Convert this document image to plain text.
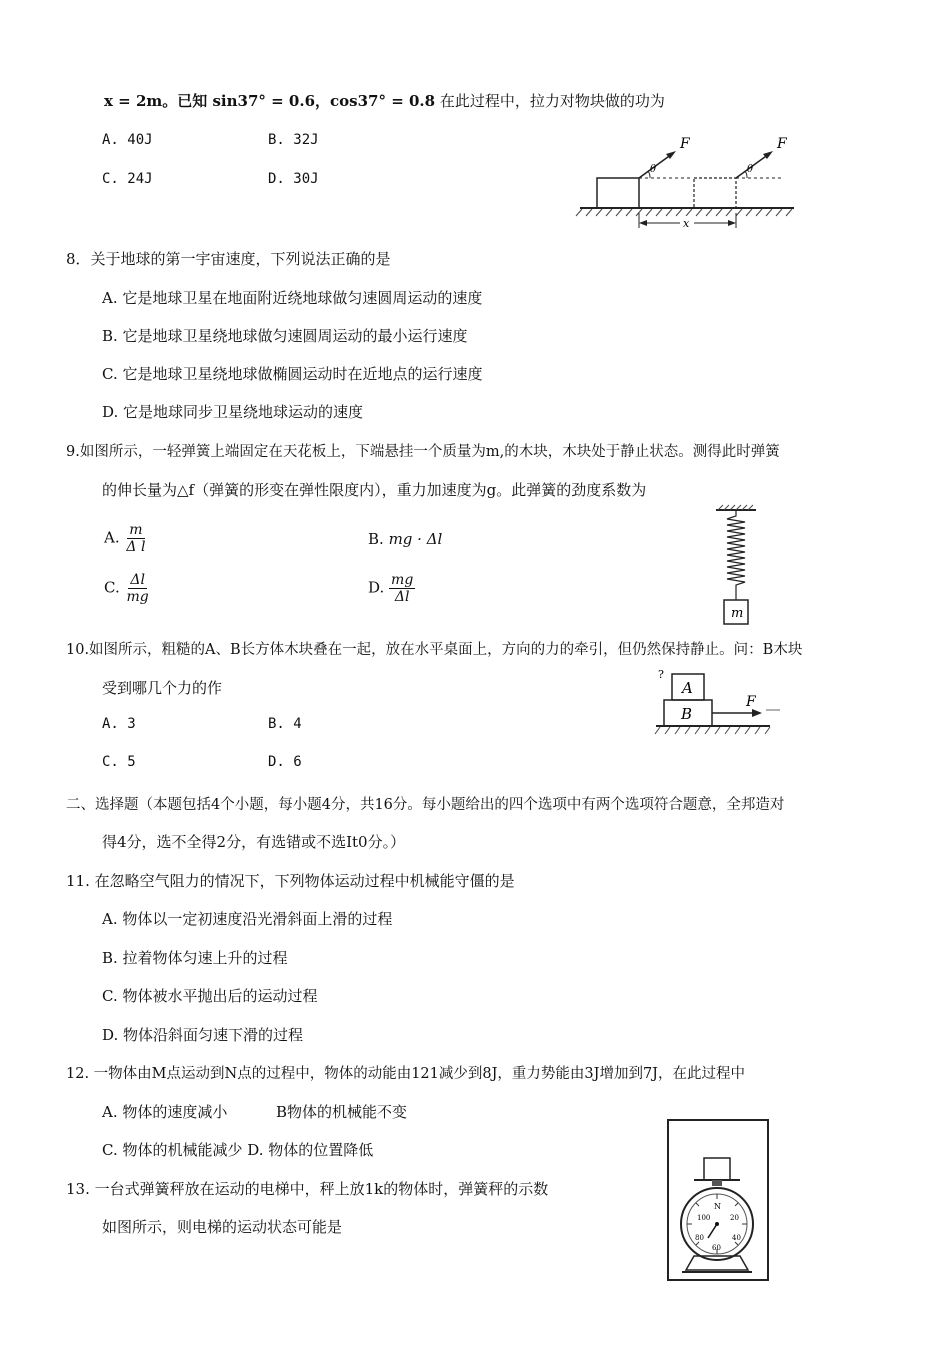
x = 2m。已知 sin37° = 0.6，cos37° = 0.8 在此过程中，拉力对物块做的功为
A. 40J	B. 32J
C. 24J	D. 30J
F	F
θ	θ
x
8．关于地球的第一宇宙速度，下列说法正确的是
A. 它是地球卫星在地面附近绕地球做匀速圆周运动的速度
B. 它是地球卫星绕地球做匀速圆周运动的最小运行速度
C. 它是地球卫星绕地球做椭圆运动时在近地点的运行速度
D. 它是地球同步卫星绕地球运动的速度
9.如图所示，一轻弹簧上端固定在天花板上，下端悬挂一个质量为m,的木块，木块处于静止状态。测得此时弹簧
的伸长量为△f（弹簧的形变在弹性限度内），重力加速度为g。此弹簧的劲度系数为
A. $\frac{m}{\text{Δ l}}$	B. mg · Δl
C. $\frac{\Delta l}{mg}$	D. $\frac{mg}{\Delta l}$
m
10.如图所示，粗糙的A、B长方体木块叠在一起，放在水平桌面上，方向的力的牵引，但仍然保持静止。问：B木块
受到哪几个力的作
A. 3	B. 4
C. 5	D. 6
A
B
F
?
二、选择题（本题包括4个小题，每小题4分，共16分。每小题给出的四个选项中有两个选项符合题意，全邦造对
得4分，选不全得2分，有选错或不选It0分。）
11. 在忽略空气阻力的情况下，下列物体运动过程中机械能守僵的是
A. 物体以一定初速度沿光滑斜面上滑的过程
B. 拉着物体匀速上升的过程
C. 物体被水平抛出后的运动过程
D. 物体沿斜面匀速下滑的过程
12. 一物体由M点运动到N点的过程中，物体的动能由121减少到8J，重力势能由3J增加到7J，在此过程中
A. 物体的速度减小	B物体的机械能不变
C. 物体的机械能减少 D. 物体的位置降低
13. 一台式弹簧秤放在运动的电梯中，秤上放1k的物体时，弹簧秤的示数
如图所示，则电梯的运动状态可能是
N
100	20
80	40
60
